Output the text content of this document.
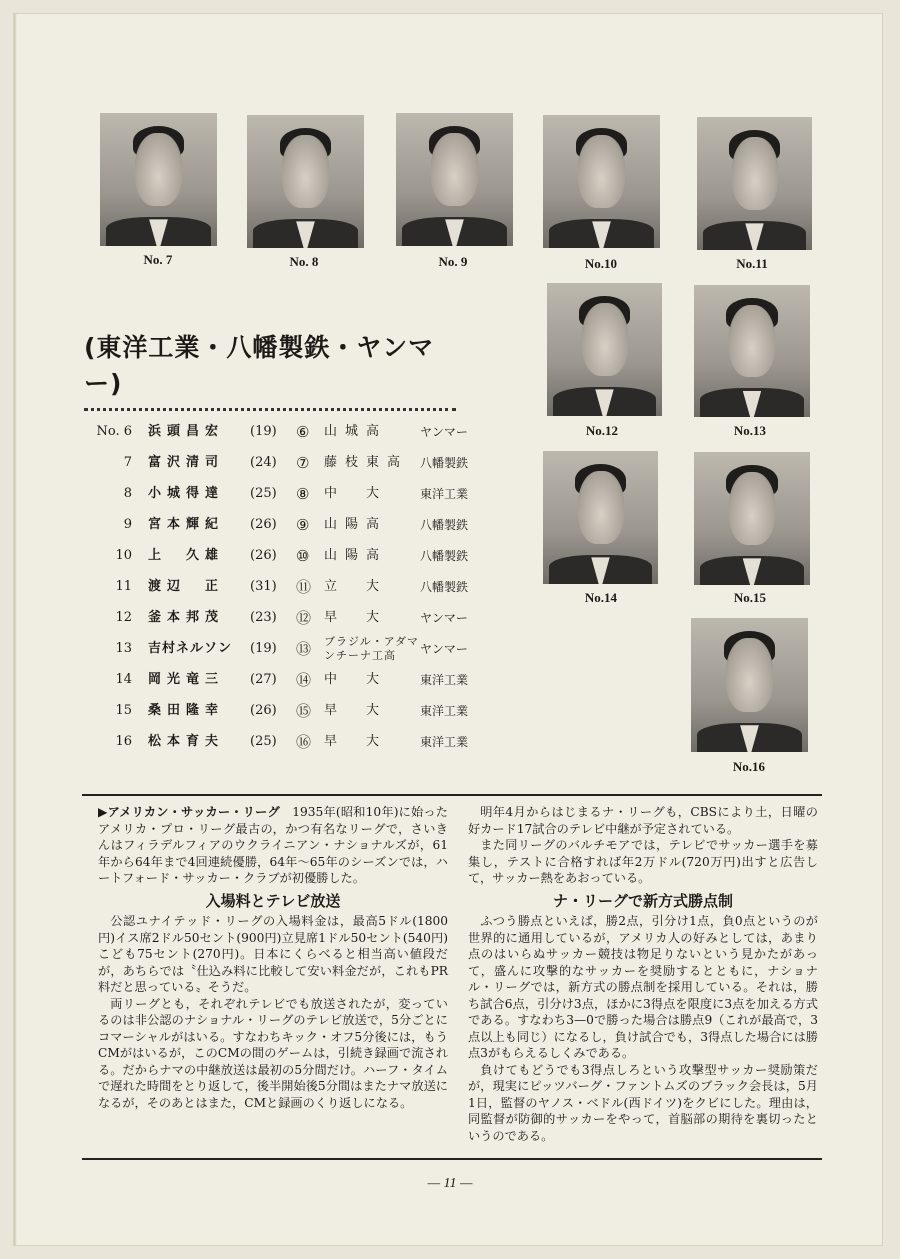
No. 7	No. 8	No. 9	No.10	No.11
No.12	No.13
No.14	No.15
No.16
(東洋工業・八幡製鉄・ヤンマー)
No. 6 浜頭昌宏	(19) ⑥ 山城高	ヤンマー
7 富沢清司	(24) ⑦ 藤枝東高 八幡製鉄
8 小城得達	(25) ⑧ 中　大	東洋工業
9 宮本輝紀	(26) ⑨ 山陽高	八幡製鉄
10 上　久雄	(26) ⑩ 山陽高	八幡製鉄
11 渡辺　正	(31) ⑪ 立　大	八幡製鉄
12 釜本邦茂	(23) ⑫ 早　大	ヤンマー
13 吉村ネルソン	(19) ⑬ ブラジル・アダマンチーナ工高	ヤンマー
14 岡光竜三	(27) ⑭ 中　大	東洋工業
15 桑田隆幸	(26) ⑮ 早　大	東洋工業
16 松本育夫	(25) ⑯ 早　大	東洋工業

▶アメリカン・サッカー・リーグ　 1935年(昭和10年)に始ったアメリカ・プロ・リーグ最古の，かつ有名なリーグで，さいきんはフィラデルフィアのウクライニアン・ナショナルズが，61年から64年まで4回連続優勝，64年〜65年のシーズンでは，ハートフォード・サッカー・クラブが初優勝した。

入場料とテレビ放送

公認ユナイテッド・リーグの入場料金は，最高5ドル(1800円)イス席2ドル50セント(900円)立見席1ドル50セント(540円)こども75セント(270円)。日本にくらべると相当高い値段だが，あちらでは〝仕込み料に比較して安い料金だが，これもPR料だと思っている〟そうだ。

両リーグとも，それぞれテレビでも放送されたが，変っているのは非公認のナショナル・リーグのテレビ放送で，5分ごとにコマーシャルがはいる。すなわちキック・オフ5分後には，もうCMがはいるが，このCMの間のゲームは，引続き録画で流される。だからナマの中継放送は最初の5分間だけ。ハーフ・タイムで遅れた時間をとり返して，後半開始後5分間はまたナマ放送になるが，そのあとはまた，CMと録画のくり返しになる。

明年4月からはじまるナ・リーグも，CBSにより土，日曜の好カード17試合のテレビ中継が予定されている。

また同リーグのバルチモアでは，テレビでサッカー選手を募集し，テストに合格すれば年2万ドル(720万円)出すと広告して，サッカー熱をあおっている。

ナ・リーグで新方式勝点制

ふつう勝点といえば，勝2点，引分け1点，負0点というのが世界的に通用しているが，アメリカ人の好みとしては，あまり点のはいらぬサッカー競技は物足りないという見かたがあって，盛んに攻撃的なサッカーを奨励するとともに，ナショナル・リーグでは，新方式の勝点制を採用している。それは，勝ち試合6点，引分け3点，ほかに3得点を限度に3点を加える方式である。すなわち3—0で勝った場合は勝点9（これが最高で，3点以上も同じ）になるし，負け試合でも，3得点した場合には勝点3がもらえるしくみである。

負けてもどうでも3得点しろという攻撃型サッカー奨励策だが，現実にピッツバーグ・ファントムズのブラック会長は，5月1日，監督のヤノス・ベドル(西ドイツ)をクビにした。理由は，同監督が防御的サッカーをやって，首脳部の期待を裏切ったというのである。

— 11 —
